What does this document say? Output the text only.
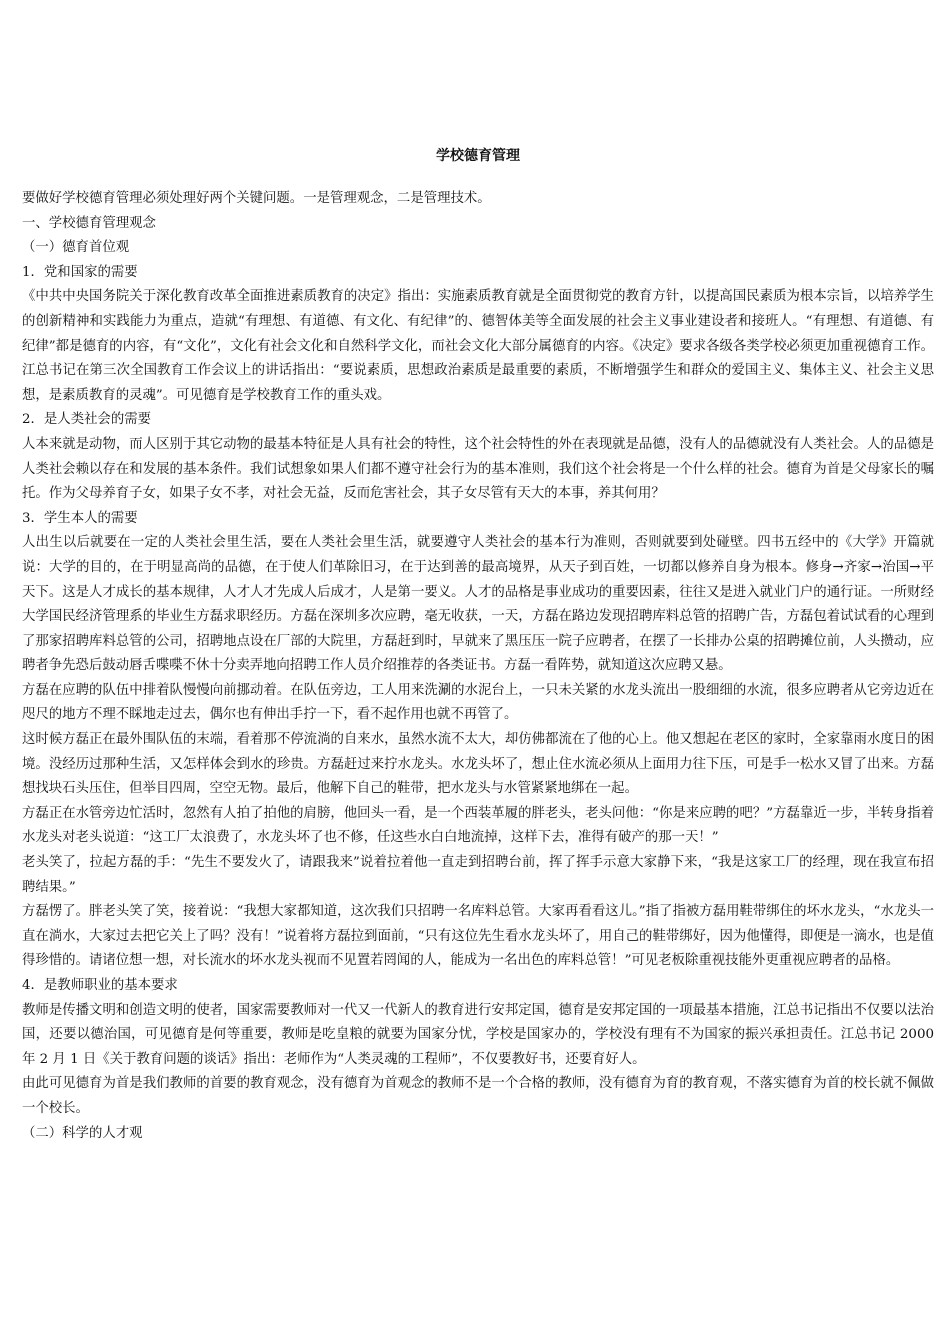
学校德育管理
要做好学校德育管理必须处理好两个关键问题。一是管理观念，二是管理技术。
一、学校德育管理观念
（一）德育首位观
1．党和国家的需要
《中共中央国务院关于深化教育改革全面推进素质教育的决定》指出：实施素质教育就是全面贯彻党的教育方针，以提高国民素质为根本宗旨，以培养学生的创新精神和实践能力为重点，造就“有理想、有道德、有文化、有纪律”的、德智体美等全面发展的社会主义事业建设者和接班人。“有理想、有道德、有纪律”都是德育的内容，有“文化”，文化有社会文化和自然科学文化，而社会文化大部分属德育的内容。《决定》要求各级各类学校必须更加重视德育工作。江总书记在第三次全国教育工作会议上的讲话指出：“要说素质，思想政治素质是最重要的素质，不断增强学生和群众的爱国主义、集体主义、社会主义思想，是素质教育的灵魂”。可见德育是学校教育工作的重头戏。
2．是人类社会的需要
人本来就是动物，而人区别于其它动物的最基本特征是人具有社会的特性，这个社会特性的外在表现就是品德，没有人的品德就没有人类社会。人的品德是人类社会赖以存在和发展的基本条件。我们试想象如果人们都不遵守社会行为的基本准则，我们这个社会将是一个什么样的社会。德育为首是父母家长的嘱托。作为父母养育子女，如果子女不孝，对社会无益，反而危害社会，其子女尽管有天大的本事，养其何用？
3．学生本人的需要
人出生以后就要在一定的人类社会里生活，要在人类社会里生活，就要遵守人类社会的基本行为准则，否则就要到处碰壁。四书五经中的《大学》开篇就说：大学的目的，在于明显高尚的品德，在于使人们革除旧习，在于达到善的最高境界，从天子到百姓，一切都以修养自身为根本。修身→齐家→治国→平天下。这是人才成长的基本规律，人才人才先成人后成才，人是第一要义。人才的品格是事业成功的重要因素，往往又是进入就业门户的通行证。一所财经大学国民经济管理系的毕业生方磊求职经历。方磊在深圳多次应聘，毫无收获，一天，方磊在路边发现招聘库料总管的招聘广告，方磊包着试试看的心理到了那家招聘库料总管的公司，招聘地点设在厂部的大院里，方磊赶到时，早就来了黑压压一院子应聘者，在摆了一长排办公桌的招聘摊位前，人头攒动，应聘者争先恐后鼓动唇舌喋喋不休十分卖弄地向招聘工作人员介绍推荐的各类证书。方磊一看阵势，就知道这次应聘又悬。
方磊在应聘的队伍中排着队慢慢向前挪动着。在队伍旁边，工人用来洗涮的水泥台上，一只未关紧的水龙头流出一股细细的水流，很多应聘者从它旁边近在咫尺的地方不理不睬地走过去，偶尔也有伸出手拧一下，看不起作用也就不再管了。
这时候方磊正在最外围队伍的末端，看着那不停流淌的自来水，虽然水流不太大，却仿佛都流在了他的心上。他又想起在老区的家时，全家靠雨水度日的困境。没经历过那种生活，又怎样体会到水的珍贵。方磊赶过来拧水龙头。水龙头坏了，想止住水流必须从上面用力往下压，可是手一松水又冒了出来。方磊想找块石头压住，但举目四周，空空无物。最后，他解下自己的鞋带，把水龙头与水管紧紧地绑在一起。
方磊正在水管旁边忙活时，忽然有人拍了拍他的肩膀，他回头一看，是一个西装革履的胖老头，老头问他：“你是来应聘的吧？”方磊靠近一步，半转身指着水龙头对老头说道：“这工厂太浪费了，水龙头坏了也不修，任这些水白白地流掉，这样下去，准得有破产的那一天！”
老头笑了，拉起方磊的手：“先生不要发火了，请跟我来”说着拉着他一直走到招聘台前，挥了挥手示意大家静下来，“我是这家工厂的经理，现在我宣布招聘结果。”
方磊愣了。胖老头笑了笑，接着说：“我想大家都知道，这次我们只招聘一名库料总管。大家再看看这儿。”指了指被方磊用鞋带绑住的坏水龙头，“水龙头一直在淌水，大家过去把它关上了吗？没有！”说着将方磊拉到面前，“只有这位先生看水龙头坏了，用自己的鞋带绑好，因为他懂得，即便是一滴水，也是值得珍惜的。请诸位想一想，对长流水的坏水龙头视而不见置若罔闻的人，能成为一名出色的库料总管！”可见老板除重视技能外更重视应聘者的品格。
4．是教师职业的基本要求
教师是传播文明和创造文明的使者，国家需要教师对一代又一代新人的教育进行安邦定国，德育是安邦定国的一项最基本措施，江总书记指出不仅要以法治国，还要以德治国，可见德育是何等重要，教师是吃皇粮的就要为国家分忧，学校是国家办的，学校没有理有不为国家的振兴承担责任。江总书记 2000 年 2 月 1 日《关于教育问题的谈话》指出：老师作为“人类灵魂的工程师”，不仅要教好书，还要育好人。
由此可见德育为首是我们教师的首要的教育观念，没有德育为首观念的教师不是一个合格的教师，没有德育为育的教育观，不落实德育为首的校长就不佩做一个校长。
（二）科学的人才观
